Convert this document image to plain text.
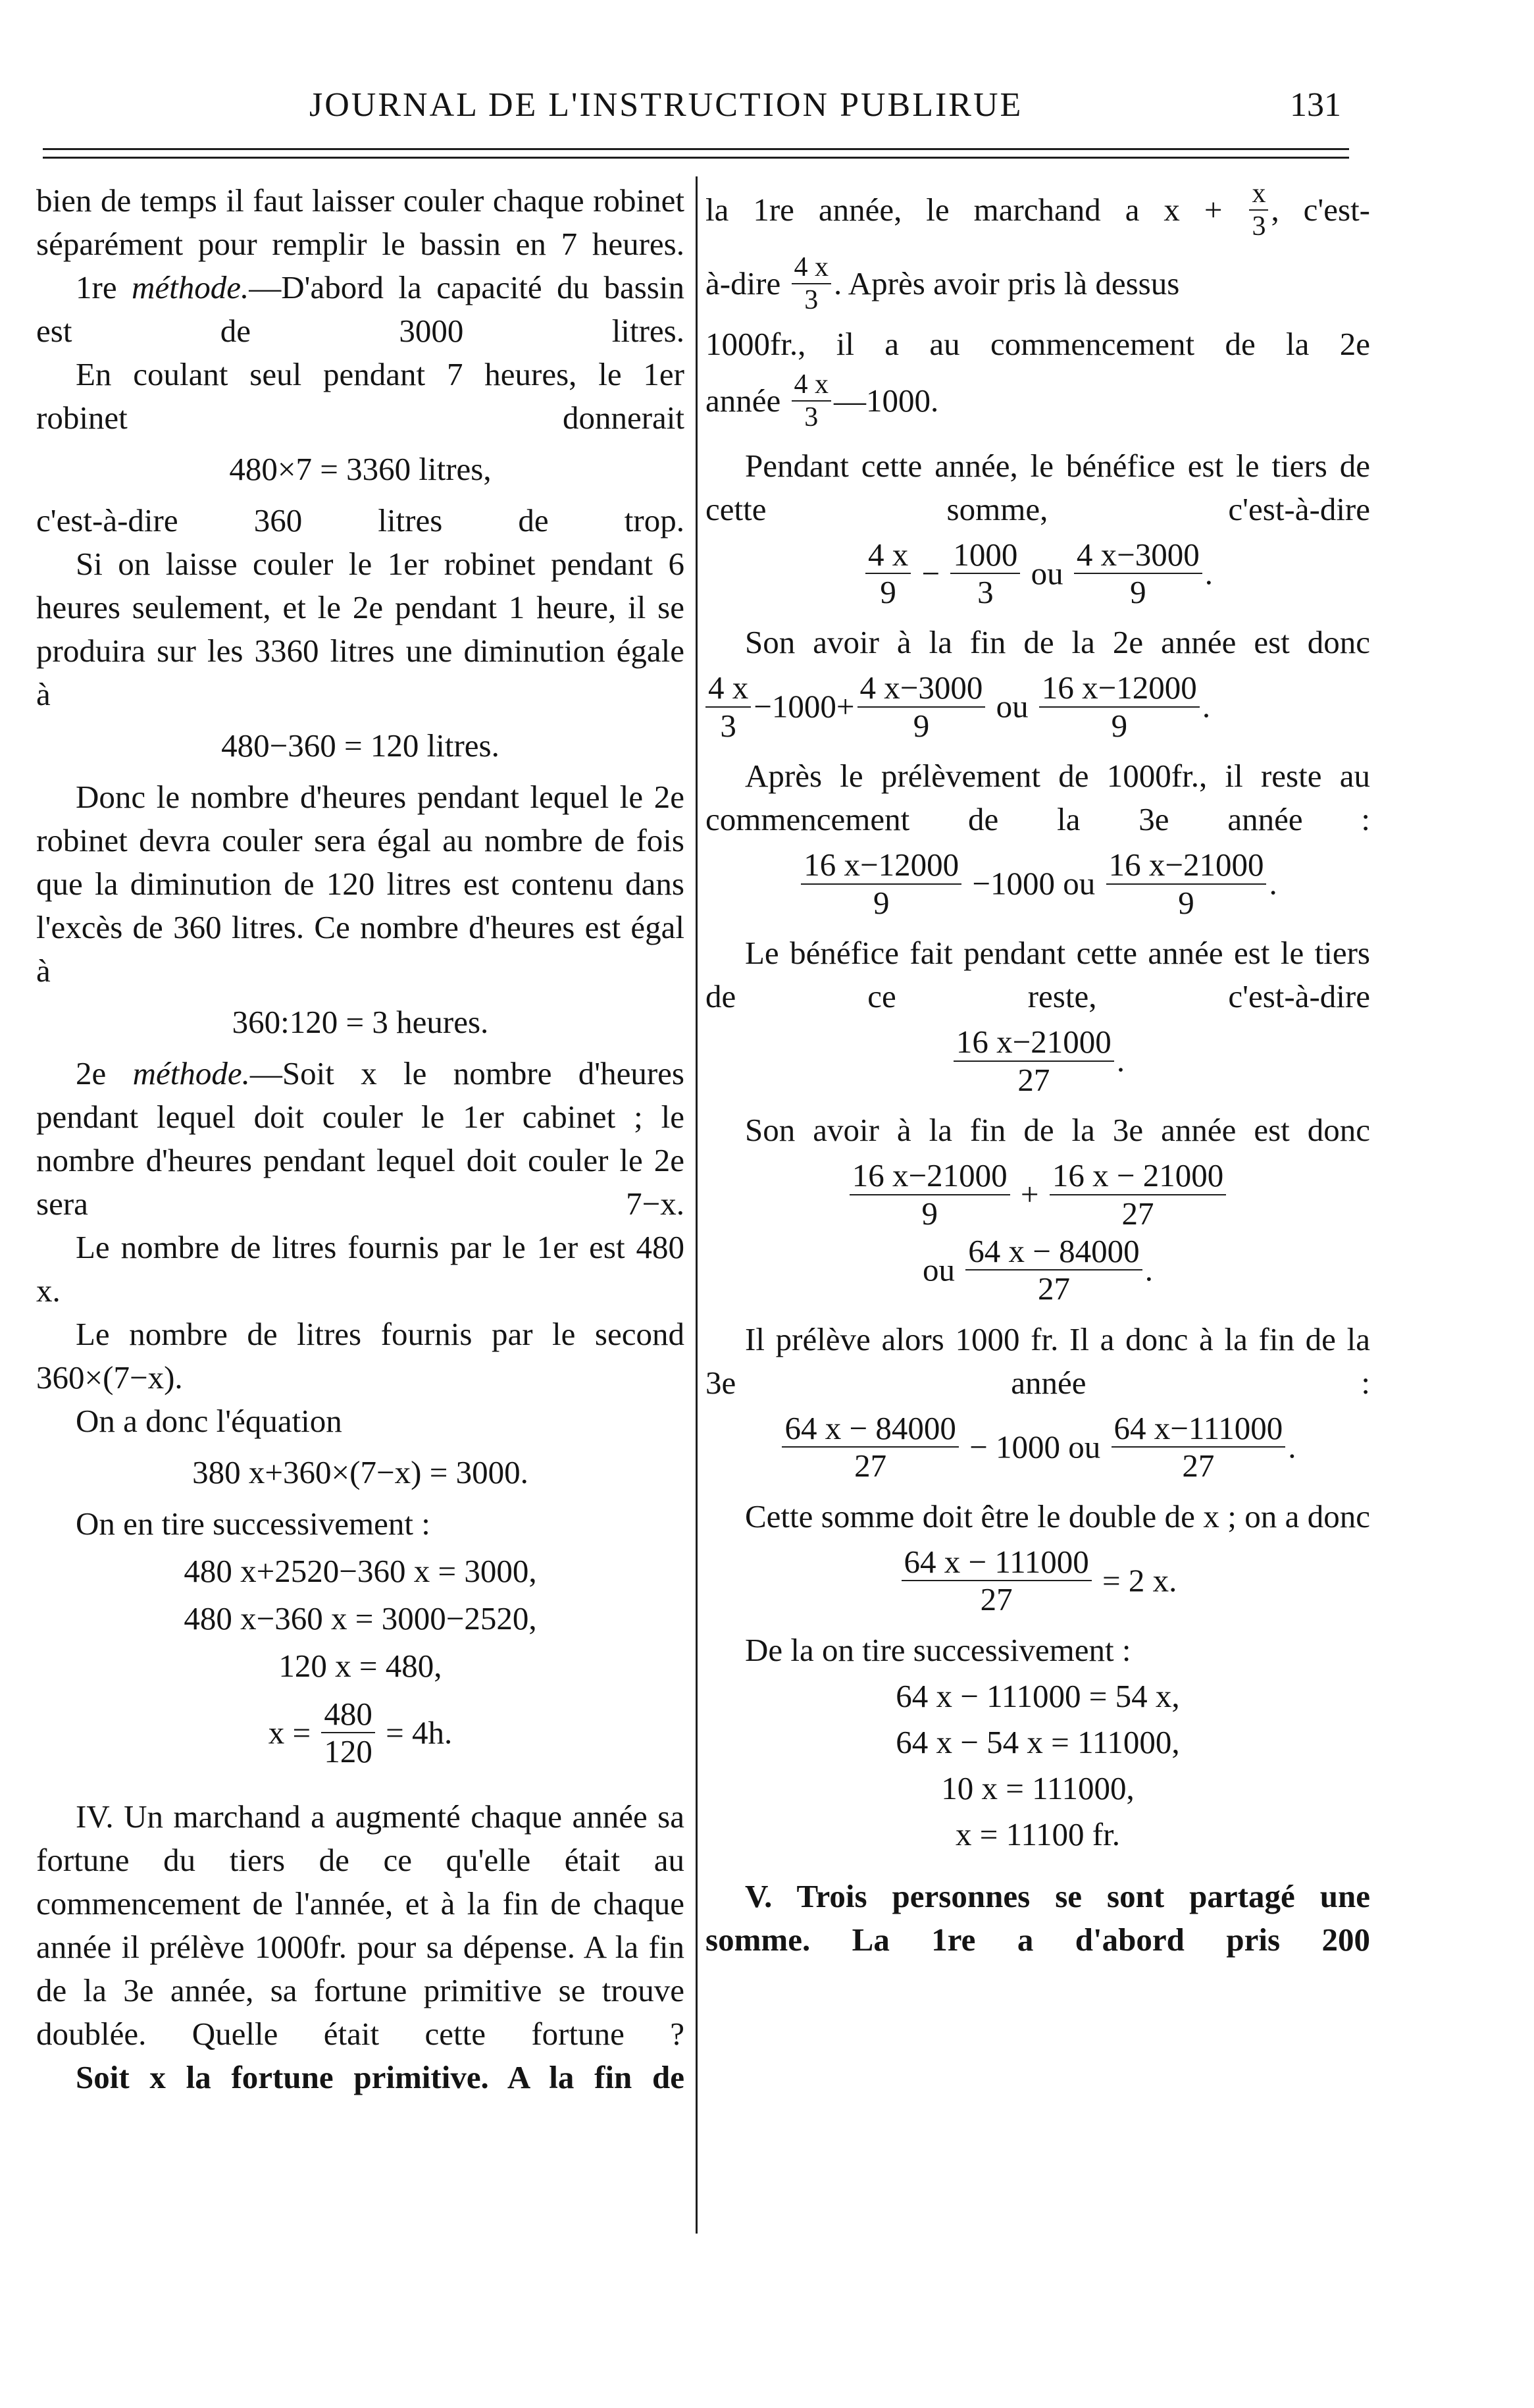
JOURNAL DE L'INSTRUCTION PUBLIRUE	131

bien de temps il faut laisser couler chaque robinet séparément pour remplir le bassin en 7 heures.

1re méthode.—D'abord la capacité du bassin est de 3000 litres.

En coulant seul pendant 7 heures, le 1er robinet donnerait

480×7 = 3360 litres,

c'est-à-dire 360 litres de trop.

Si on laisse couler le 1er robinet pendant 6 heures seulement, et le 2e pendant 1 heure, il se produira sur les 3360 litres une diminution égale à

480−360 = 120 litres.

Donc le nombre d'heures pendant lequel le 2e robinet devra couler sera égal au nombre de fois que la diminution de 120 litres est contenu dans l'excès de 360 litres. Ce nombre d'heures est égal à

360:120 = 3 heures.

2e méthode.—Soit x le nombre d'heures pendant lequel doit couler le 1er cabinet ; le nombre d'heures pendant lequel doit couler le 2e sera 7−x.

Le nombre de litres fournis par le 1er est 480 x.

Le nombre de litres fournis par le second 360×(7−x).

On a donc l'équation

380 x+360×(7−x) = 3000.

On en tire successivement :

480 x+2520−360 x = 3000,

480 x−360 x = 3000−2520,

120 x = 480,

$x = \frac{480}{120} = 4h$.

IV. Un marchand a augmenté chaque année sa fortune du tiers de ce qu'elle était au commencement de l'année, et à la fin de chaque année il prélève 1000fr. pour sa dépense. A la fin de la 3e année, sa fortune primitive se trouve doublée. Quelle était cette fortune ?

Soit x la fortune primitive. A la fin de

la 1re année, le marchand a $x + \frac{x}{3}$ , c'est-

à-dire $\frac{4 x}{3}$ . Après avoir pris là dessus

1000fr., il a au commencement de la 2e

année $\frac{4 x}{3}$ —1000.

Pendant cette année, le bénéfice est le tiers de cette somme, c'est-à-dire

$\frac{4 x}{9} - \frac{1000}{3}$ ou $\frac{4 x-3000}{9}$ .

Son avoir à la fin de la 2e année est donc

$\frac{4 x}{3} -1000+ \frac{4 x-3000}{9}$ ou $\frac{16 x-12000}{9}$ .

Après le prélèvement de 1000fr., il reste au commencement de la 3e année :

$\frac{16 x-12000}{9} -1000$ ou $\frac{16 x-21000}{9}$ .

Le bénéfice fait pendant cette année est le tiers de ce reste, c'est-à-dire

$\frac{16 x-21000}{27}$ .

Son avoir à la fin de la 3e année est donc

$\frac{16 x-21000}{9} + \frac{16 x - 21000}{27}$

ou $\frac{64 x - 84000}{27}$ .

Il prélève alors 1000 fr. Il a donc à la fin de la 3e année :

$\frac{64 x - 84000}{27} - 1000$ ou $\frac{64 x-111000}{27}$ .

Cette somme doit être le double de x ; on a donc

$\frac{64 x - 111000}{27} = 2$ x.

De la on tire successivement :

64 x − 111000 = 54 x,

64 x − 54 x = 111000,

10 x = 111000,

x = 11100 fr.

V. Trois personnes se sont partagé une somme. La 1re a d'abord pris 200
